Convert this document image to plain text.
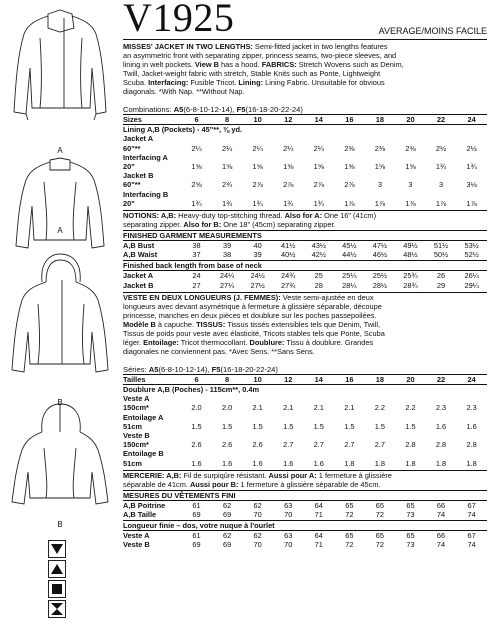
A
A
B
B
V1925	AVERAGE/MOINS FACILE
MISSES' JACKET IN TWO LENGTHS: Semi-fitted jacket in two lengths features
an asymmetric front with separating zipper, princess seams, two-piece sleeves, and
lining in welt pockets. View B has a hood. FABRICS: Stretch Wovens such as Denim,
Twill, Jacket-weight fabric with stretch, Stable Knits such as Ponte, Lightweight
Scuba. Interfacing: Fusible Tricot. Lining: Lining Fabric. Unsuitable for obvious
diagonals. *With Nap. **Without Nap.
Combinations: A5(6-8-10-12-14), F5(16-18-20-22-24)
Sizes	6	8	10	12	14	16	18	20	22	24
Lining A,B (Pockets) - 45"**, ⅜ yd.										
Jacket A										
60"**	2¼	2¼	2¼	2¼	2¼	2⅜	2⅜	2⅜	2½	2½
Interfacing A										
20"	1⅝	1⅝	1⅝	1⅝	1⅝	1⅝	1⅝	1⅝	1¾	1¾
Jacket B										
60"**	2⅝	2¾	2⅞	2⅞	2⅞	2⅞	3	3	3	3⅛
Interfacing B										
20"	1¾	1¾	1¾	1¾	1¾	1⅞	1⅞	1⅞	1⅞	1⅞
NOTIONS: A,B: Heavy-duty top-stitching thread. Also for A: One 16" (41cm)
separating zipper. Also for B: One 18" (45cm) separating zipper.
FINISHED GARMENT MEASUREMENTS
A,B Bust	38	39	40	41½	43½	45½	47½	49½	51½	53½
A,B Waist	37	38	39	40½	42½	44½	46½	48½	50½	52½
Finished back length from base of neck
Jacket A	24	24¼	24½	24¾	25	25¼	25½	25¾	26	26¼
Jacket B	27	27¼	27½	27¾	28	28¼	28½	28¾	29	29¼
VESTE EN DEUX LONGUEURS (J. FEMMES): Veste semi-ajustée en deux
longueurs avec devant asymétrique à fermeture à glissière séparable, découpe
princesse, manches en deux pièces et doublure sur les poches passepoilées.
Modèle B à capuche. TISSUS: Tissus tissés extensibles tels que Denim, Twill,
Tissus de poids pour veste avec élasticité, Tricots stables tels que Ponte, Scuba
léger. Entoilage: Tricot thermocollant. Doublure: Tissu à doublure. Grandes
diagonales ne conviennent pas. *Avec Sens. **Sans Sens.
Séries: A5(6-8-10-12-14), F5(16-18-20-22-24)
Tailles	6	8	10	12	14	16	18	20	22	24
Doublure A,B (Poches) - 115cm**, 0.4m										
Veste A										
150cm*	2.0	2.0	2.1	2.1	2.1	2.1	2.2	2.2	2.3	2.3
Entoilage A										
51cm	1.5	1.5	1.5	1.5	1.5	1.5	1.5	1.5	1.6	1.6
Veste B										
150cm*	2.6	2.6	2.6	2.7	2.7	2.7	2.7	2.8	2.8	2.8
Entoilage B										
51cm	1.6	1.6	1.6	1.6	1.6	1.8	1.8	1.8	1.8	1.8
MERCERIE: A,B: Fil de surpiqûre résistant. Aussi pour A: 1 fermeture à glissière
séparable de 41cm. Aussi pour B: 1 fermeture à glissière séparable de 45cm.
MESURES DU VÊTEMENTS FINI
A,B Poitrine	61	62	62	63	64	65	65	65	66	67
A,B Taille	69	69	70	70	71	72	72	73	74	74
Longueur finie – dos, votre nuque à l'ourlet
Veste A	61	62	62	63	64	65	65	65	66	67
Veste B	69	69	70	70	71	72	72	73	74	74
